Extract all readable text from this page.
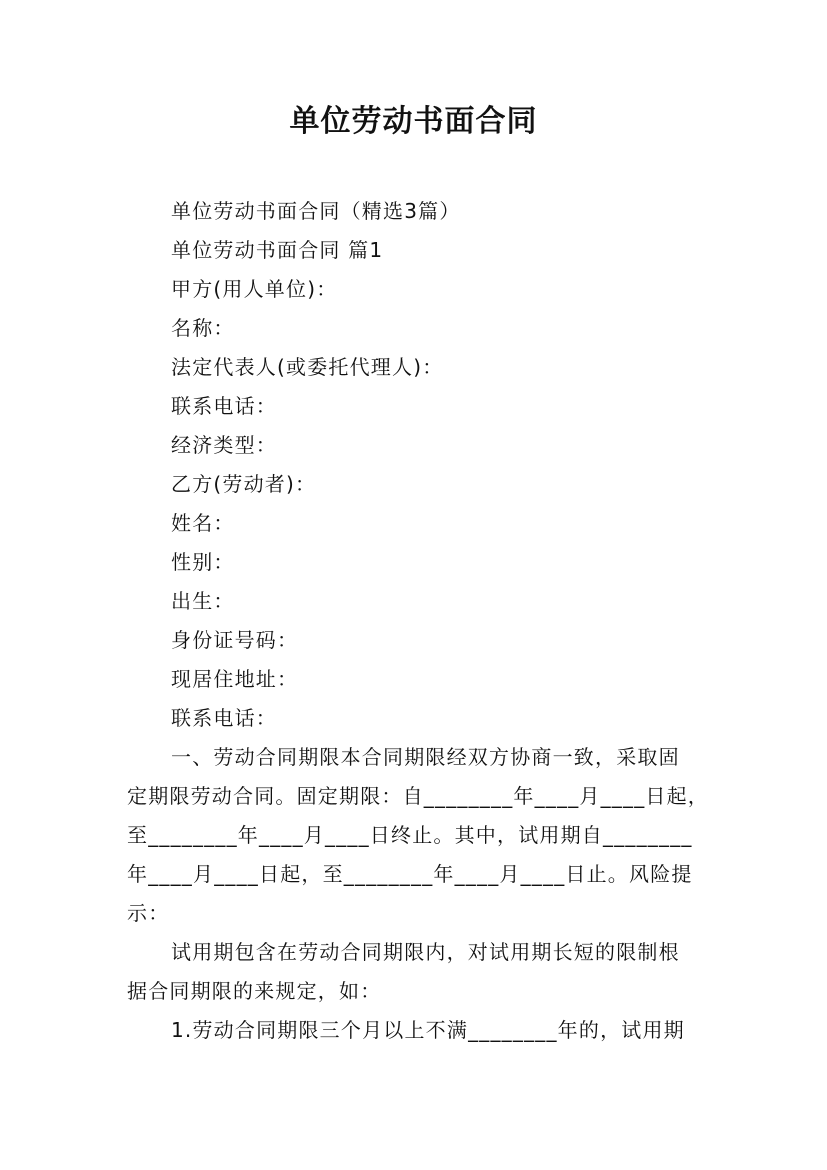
单位劳动书面合同
单位劳动书面合同（精选3篇）
单位劳动书面合同 篇1
甲方(用人单位)：
名称：
法定代表人(或委托代理人)：
联系电话：
经济类型：
乙方(劳动者)：
姓名：
性别：
出生：
身份证号码：
现居住地址：
联系电话：
一、劳动合同期限本合同期限经双方协商一致，采取固
定期限劳动合同。固定期限：自________年____月____日起，
至________年____月____日终止。其中，试用期自________
年____月____日起，至________年____月____日止。风险提
示：
试用期包含在劳动合同期限内，对试用期长短的限制根
据合同期限的来规定，如：
1.劳动合同期限三个月以上不满________年的，试用期
